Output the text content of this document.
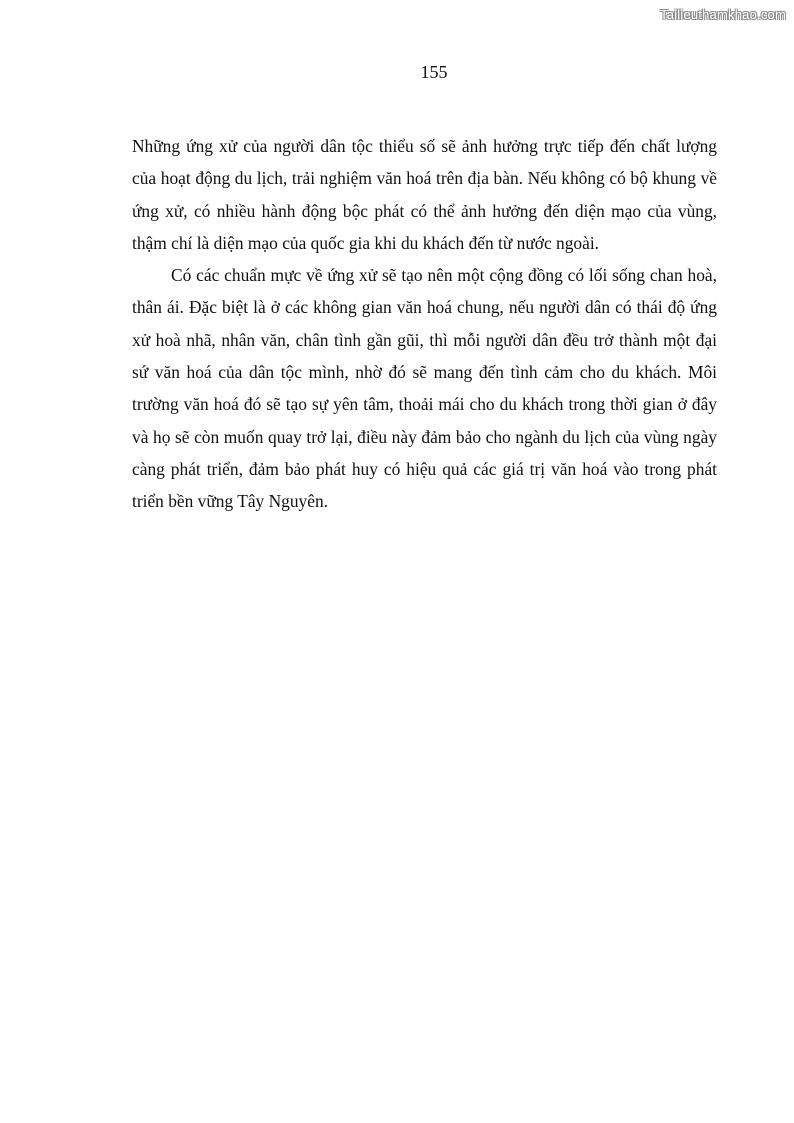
Tailieuthamkhao.com
155

Những ứng xử của người dân tộc thiểu số sẽ ảnh hưởng trực tiếp đến chất lượng của hoạt động du lịch, trải nghiệm văn hoá trên địa bàn. Nếu không có bộ khung về ứng xử, có nhiều hành động bộc phát có thể ảnh hưởng đến diện mạo của vùng, thậm chí là diện mạo của quốc gia khi du khách đến từ nước ngoài.

Có các chuẩn mực về ứng xử sẽ tạo nên một cộng đồng có lối sống chan hoà, thân ái. Đặc biệt là ở các không gian văn hoá chung, nếu người dân có thái độ ứng xử hoà nhã, nhân văn, chân tình gần gũi, thì mỗi người dân đều trở thành một đại sứ văn hoá của dân tộc mình, nhờ đó sẽ mang đến tình cảm cho du khách. Môi trường văn hoá đó sẽ tạo sự yên tâm, thoải mái cho du khách trong thời gian ở đây và họ sẽ còn muốn quay trở lại, điều này đảm bảo cho ngành du lịch của vùng ngày càng phát triển, đảm bảo phát huy có hiệu quả các giá trị văn hoá vào trong phát triển bền vững Tây Nguyên.
